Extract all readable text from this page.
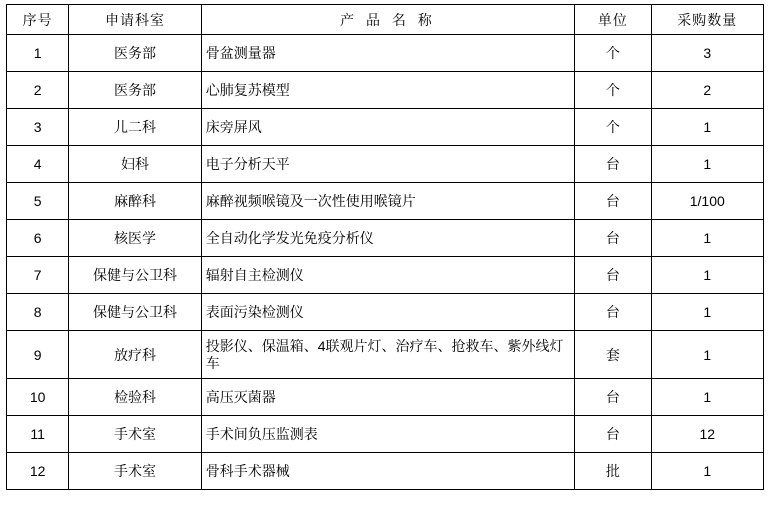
序号	申请科室	产 品 名 称	单位	采购数量
1	医务部	骨盆测量器	个	3
2	医务部	心肺复苏模型	个	2
3	儿二科	床旁屏风	个	1
4	妇科	电子分析天平	台	1
5	麻醉科	麻醉视频喉镜及一次性使用喉镜片	台	1/100
6	核医学	全自动化学发光免疫分析仪	台	1
7	保健与公卫科	辐射自主检测仪	台	1
8	保健与公卫科	表面污染检测仪	台	1
9	放疗科	投影仪、保温箱、4联观片灯、治疗车、抢救车、紫外线灯车	套	1
10	检验科	高压灭菌器	台	1
11	手术室	手术间负压监测表	台	12
12	手术室	骨科手术器械	批	1
